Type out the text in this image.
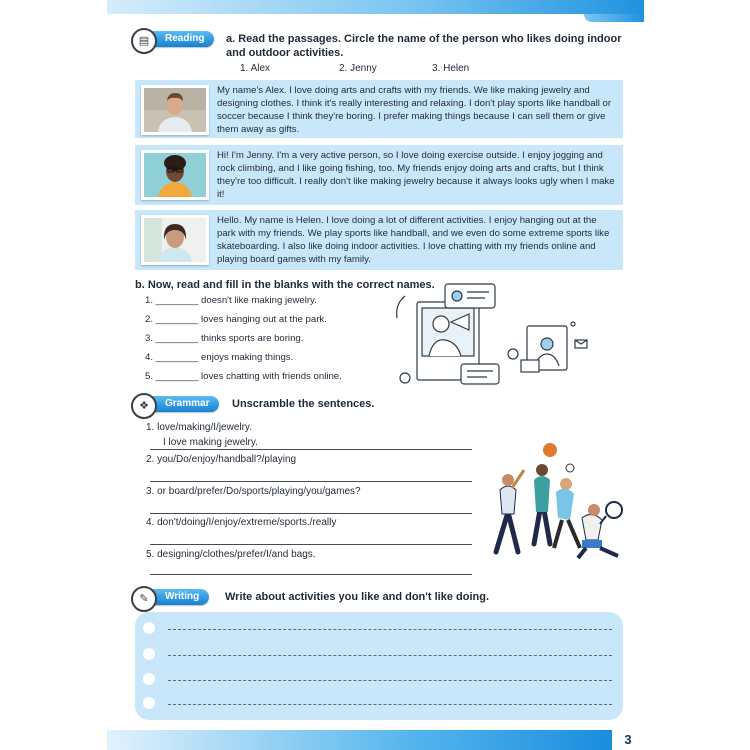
▤	Reading	a. Read the passages. Circle the name of the person who likes doing indoor and outdoor activities.
1. Alex	2. Jenny	3. Helen
My name's Alex. I love doing arts and crafts with my friends. We like making jewelry and designing clothes. I think it's really interesting and relaxing. I don't play sports like handball or soccer because I think they're boring. I prefer making things because I can sell them or give them away as gifts.
Hi! I'm Jenny. I'm a very active person, so I love doing exercise outside. I enjoy jogging and rock climbing, and I like going fishing, too. My friends enjoy doing arts and crafts, but I think they're too difficult. I really don't like making jewelry because it always looks ugly when I make it!
Hello. My name is Helen. I love doing a lot of different activities. I enjoy hanging out at the park with my friends. We play sports like handball, and we even do some extreme sports like skateboarding. I also like doing indoor activities. I love chatting with my friends online and playing board games with my family.
b. Now, read and fill in the blanks with the correct names.
1. ________ doesn't like making jewelry.
2. ________ loves hanging out at the park.
3. ________ thinks sports are boring.
4. ________ enjoys making things.
5. ________ loves chatting with friends online.
❖	Grammar	Unscramble the sentences.
1. love/making/I/jewelry.
I love making jewelry.
2. you/Do/enjoy/handball?/playing
3. or board/prefer/Do/sports/playing/you/games?
4. don't/doing/I/enjoy/extreme/sports./really
5. designing/clothes/prefer/I/and bags.
✎	Writing	Write about activities you like and don't like doing.
3
